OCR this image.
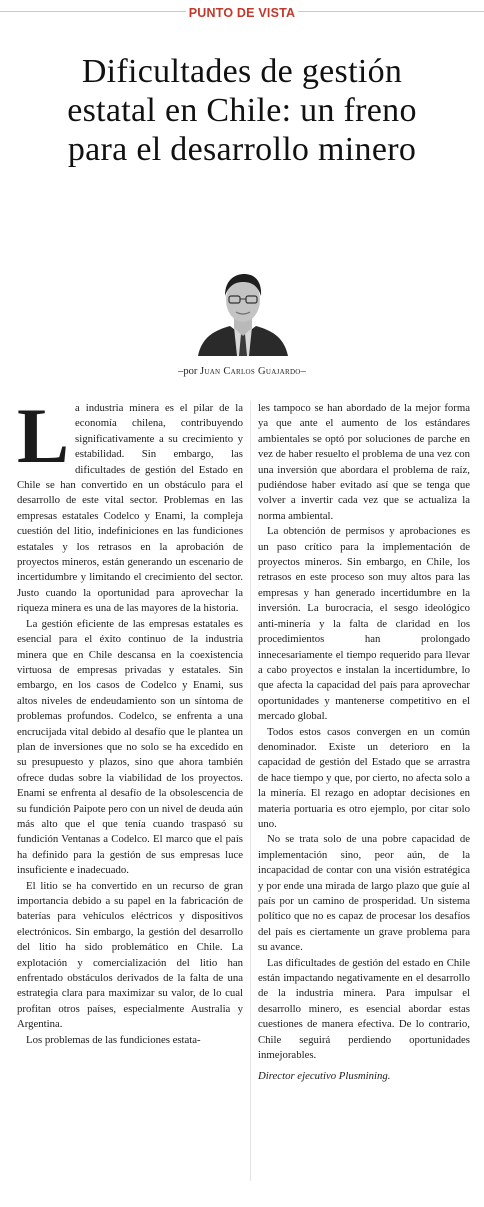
PUNTO DE VISTA
Dificultades de gestión
estatal en Chile: un freno
para el desarrollo minero
–por Juan Carlos Guajardo–

La industria minera es el pilar de la economía chilena, contribuyendo significativamente a su crecimiento y estabilidad. Sin embargo, las dificultades de gestión del Estado en Chile se han convertido en un obstáculo para el desarrollo de este vital sector. Problemas en las empresas estatales Codelco y Enami, la compleja cuestión del litio, indefiniciones en las fundiciones estatales y los retrasos en la aprobación de proyectos mineros, están generando un escenario de incertidumbre y limitando el crecimiento del sector. Justo cuando la oportunidad para aprovechar la riqueza minera es una de las mayores de la historia.

La gestión eficiente de las empresas estatales es esencial para el éxito continuo de la industria minera que en Chile descansa en la coexistencia virtuosa de empresas privadas y estatales. Sin embargo, en los casos de Codelco y Enami, sus altos niveles de endeudamiento son un síntoma de problemas profundos. Codelco, se enfrenta a una encrucijada vital debido al desafío que le plantea un plan de inversiones que no solo se ha excedido en su presupuesto y plazos, sino que ahora también ofrece dudas sobre la viabilidad de los proyectos. Enami se enfrenta al desafío de la obsolescencia de su fundición Paipote pero con un nivel de deuda aún más alto que el que tenía cuando traspasó su fundición Ventanas a Codelco. El marco que el país ha definido para la gestión de sus empresas luce insuficiente e inadecuado.

El litio se ha convertido en un recurso de gran importancia debido a su papel en la fabricación de baterías para vehículos eléctricos y dispositivos electrónicos. Sin embargo, la gestión del desarrollo del litio ha sido problemático en Chile. La explotación y comercialización del litio han enfrentado obstáculos derivados de la falta de una estrategia clara para maximizar su valor, de lo cual profitan otros países, especialmente Australia y Argentina.

Los problemas de las fundiciones estata-

les tampoco se han abordado de la mejor forma ya que ante el aumento de los estándares ambientales se optó por soluciones de parche en vez de haber resuelto el problema de una vez con una inversión que abordara el problema de raíz, pudiéndose haber evitado así que se tenga que volver a invertir cada vez que se actualiza la norma ambiental.

La obtención de permisos y aprobaciones es un paso crítico para la implementación de proyectos mineros. Sin embargo, en Chile, los retrasos en este proceso son muy altos para las empresas y han generado incertidumbre en la inversión. La burocracia, el sesgo ideológico anti-minería y la falta de claridad en los procedimientos han prolongado innecesariamente el tiempo requerido para llevar a cabo proyectos e instalan la incertidumbre, lo que afecta la capacidad del país para aprovechar oportunidades y mantenerse competitivo en el mercado global.

Todos estos casos convergen en un común denominador. Existe un deterioro en la capacidad de gestión del Estado que se arrastra de hace tiempo y que, por cierto, no afecta solo a la minería. El rezago en adoptar decisiones en materia portuaria es otro ejemplo, por citar solo uno.

No se trata solo de una pobre capacidad de implementación sino, peor aún, de la incapacidad de contar con una visión estratégica y por ende una mirada de largo plazo que guíe al país por un camino de prosperidad. Un sistema político que no es capaz de procesar los desafíos del país es ciertamente un grave problema para su avance.

Las dificultades de gestión del estado en Chile están impactando negativamente en el desarrollo de la industria minera. Para impulsar el desarrollo minero, es esencial abordar estas cuestiones de manera efectiva. De lo contrario, Chile seguirá perdiendo oportunidades inmejorables.

Director ejecutivo Plusmining.
